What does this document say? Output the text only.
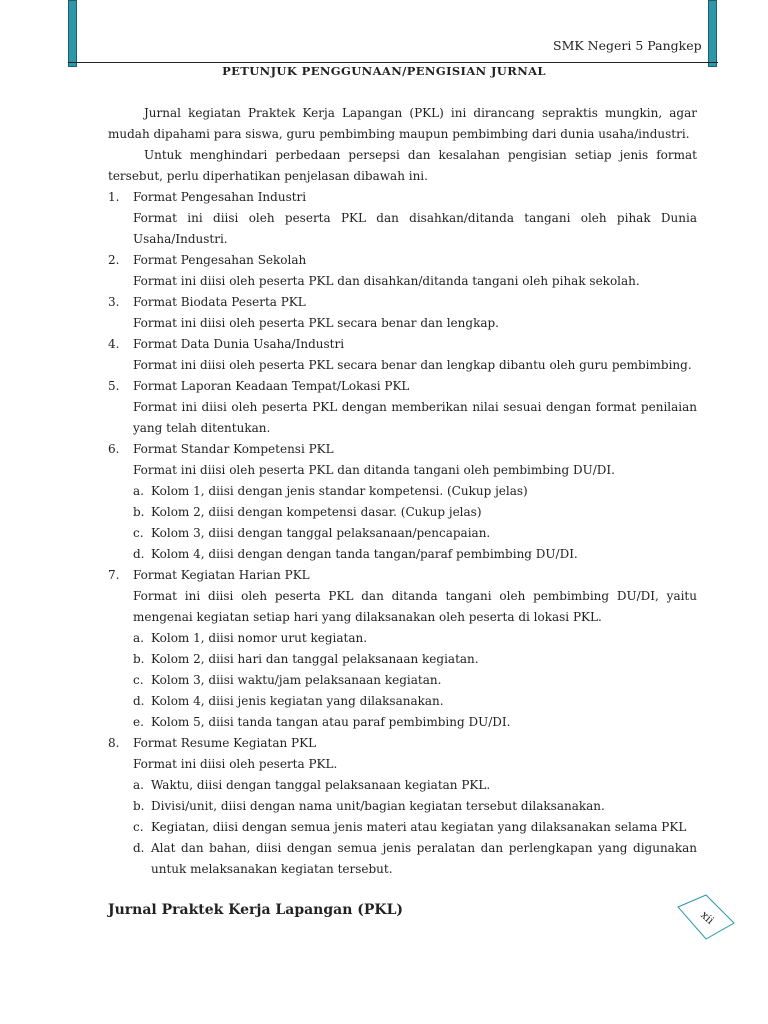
SMK Negeri 5 Pangkep
PETUNJUK PENGGUNAAN/PENGISIAN JURNAL

Jurnal kegiatan Praktek Kerja Lapangan (PKL) ini dirancang sepraktis mungkin, agar mudah dipahami para siswa, guru pembimbing maupun pembimbing dari dunia usaha/industri.

Untuk menghindari perbedaan persepsi dan kesalahan pengisian setiap jenis format tersebut, perlu diperhatikan penjelasan dibawah ini.

1. Format Pengesahan Industri
Format ini diisi oleh peserta PKL dan disahkan/ditanda tangani oleh pihak Dunia Usaha/Industri.
2. Format Pengesahan Sekolah
Format ini diisi oleh peserta PKL dan disahkan/ditanda tangani oleh pihak sekolah.
3. Format Biodata Peserta PKL
Format ini diisi oleh peserta PKL secara benar dan lengkap.
4. Format Data Dunia Usaha/Industri
Format ini diisi oleh peserta PKL secara benar dan lengkap dibantu oleh guru pembimbing.
5. Format Laporan Keadaan Tempat/Lokasi PKL
Format ini diisi oleh peserta PKL dengan memberikan nilai sesuai dengan format penilaian yang telah ditentukan.
6. Format Standar Kompetensi PKL
Format ini diisi oleh peserta PKL dan ditanda tangani oleh pembimbing DU/DI.
a. Kolom 1, diisi dengan jenis standar kompetensi. (Cukup jelas)
b. Kolom 2, diisi dengan kompetensi dasar. (Cukup jelas)
c. Kolom 3, diisi dengan tanggal pelaksanaan/pencapaian.
d. Kolom 4, diisi dengan dengan tanda tangan/paraf pembimbing DU/DI.
7. Format Kegiatan Harian PKL
Format ini diisi oleh peserta PKL dan ditanda tangani oleh pembimbing DU/DI, yaitu mengenai kegiatan setiap hari yang dilaksanakan oleh peserta di lokasi PKL.
a. Kolom 1, diisi nomor urut kegiatan.
b. Kolom 2, diisi hari dan tanggal pelaksanaan kegiatan.
c. Kolom 3, diisi waktu/jam pelaksanaan kegiatan.
d. Kolom 4, diisi jenis kegiatan yang dilaksanakan.
e. Kolom 5, diisi tanda tangan atau paraf pembimbing DU/DI.
8. Format Resume Kegiatan PKL
Format ini diisi oleh peserta PKL.
a. Waktu, diisi dengan tanggal pelaksanaan kegiatan PKL.
b. Divisi/unit, diisi dengan nama unit/bagian kegiatan tersebut dilaksanakan.
c. Kegiatan, diisi dengan semua jenis materi atau kegiatan yang dilaksanakan selama PKL
d. Alat dan bahan, diisi dengan semua jenis peralatan dan perlengkapan yang digunakan untuk melaksanakan kegiatan tersebut.
Jurnal Praktek Kerja Lapangan (PKL)	xii
